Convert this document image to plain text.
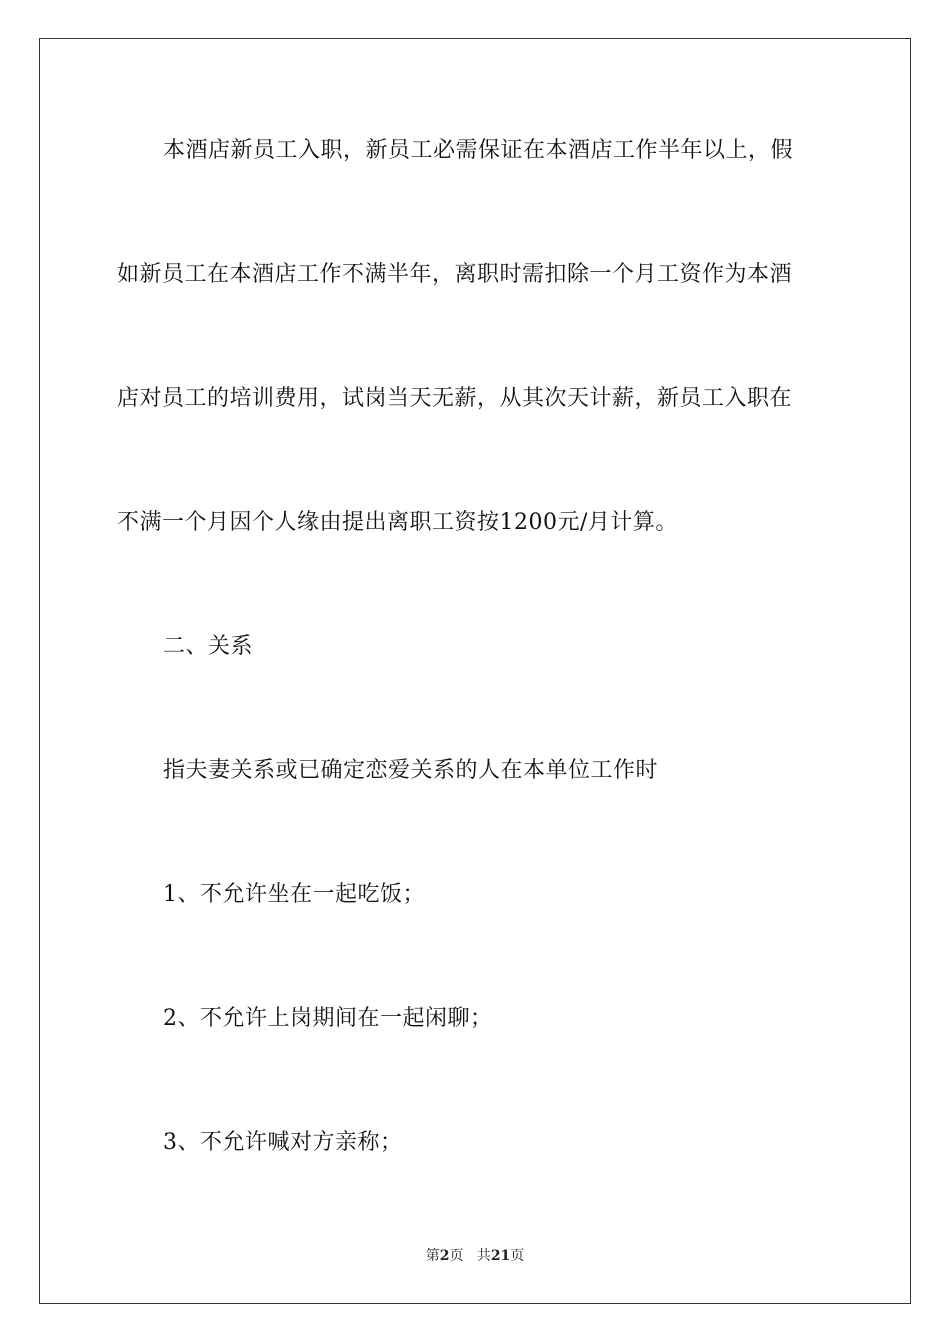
本酒店新员工入职，新员工必需保证在本酒店工作半年以上，假
如新员工在本酒店工作不满半年，离职时需扣除一个月工资作为本酒
店对员工的培训费用，试岗当天无薪，从其次天计薪，新员工入职在
不满一个月因个人缘由提出离职工资按1200元/月计算。
二、关系
指夫妻关系或已确定恋爱关系的人在本单位工作时
1、不允许坐在一起吃饭；
2、不允许上岗期间在一起闲聊；
3、不允许喊对方亲称；
第2页 共21页
